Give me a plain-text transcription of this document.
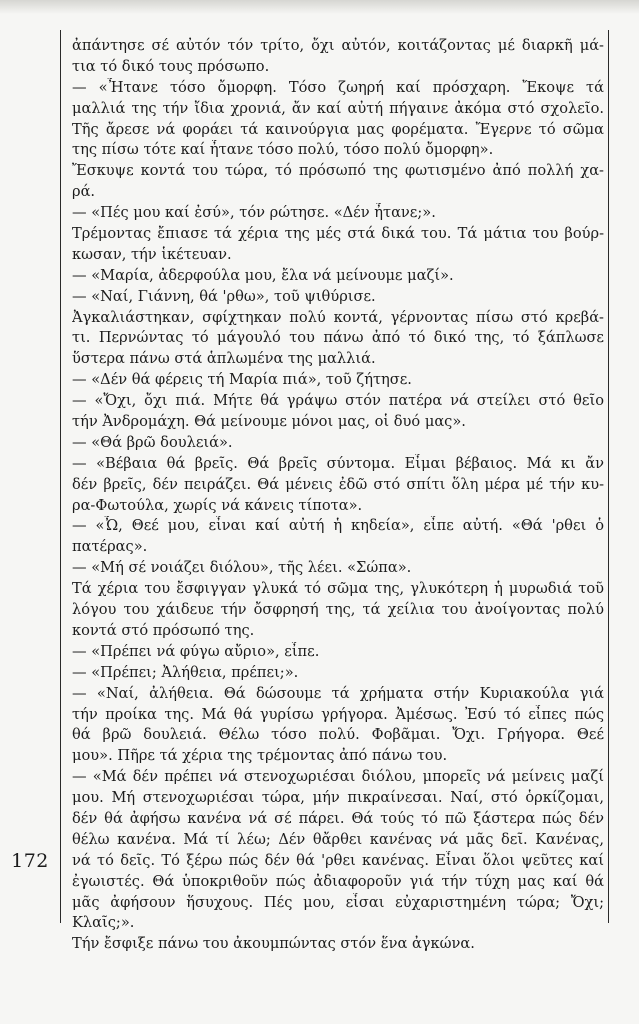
172
ἀπάντησε σέ αὐτόν τόν τρίτο, ὄχι αὐτόν, κοιτάζοντας μέ διαρκῆ μά-
τια τό δικό τους πρόσωπο.
— «Ἦτανε τόσο ὄμορφη. Τόσο ζωηρή καί πρόσχαρη. Ἔκοψε τά
μαλλιά της τήν ἴδια χρονιά, ἄν καί αὐτή πήγαινε ἀκόμα στό σχολεῖο.
Τῆς ἄρεσε νά φοράει τά καινούργια μας φορέματα. Ἔγερνε τό σῶμα
της πίσω τότε καί ἦτανε τόσο πολύ, τόσο πολύ ὄμορφη».
Ἔσκυψε κοντά του τώρα, τό πρόσωπό της φωτισμένο ἀπό πολλή χα-
ρά.
— «Πές μου καί ἐσύ», τόν ρώτησε. «Δέν ἦτανε;».
Τρέμοντας ἔπιασε τά χέρια της μές στά δικά του. Τά μάτια του βούρ-
κωσαν, τήν ἱκέτευαν.
— «Μαρία, ἀδερφούλα μου, ἔλα νά μείνουμε μαζί».
— «Ναί, Γιάννη, θά 'ρθω», τοῦ ψιθύρισε.
Ἀγκαλιάστηκαν, σφίχτηκαν πολύ κοντά, γέρνοντας πίσω στό κρεβά-
τι. Περνώντας τό μάγουλό του πάνω ἀπό τό δικό της, τό ξάπλωσε
ὕστερα πάνω στά ἁπλωμένα της μαλλιά.
— «Δέν θά φέρεις τή Μαρία πιά», τοῦ ζήτησε.
— «Ὄχι, ὄχι πιά. Μήτε θά γράψω στόν πατέρα νά στείλει στό θεῖο
τήν Ἀνδρομάχη. Θά μείνουμε μόνοι μας, οἱ δυό μας».
— «Θά βρῶ δουλειά».
— «Βέβαια θά βρεῖς. Θά βρεῖς σύντομα. Εἶμαι βέβαιος. Μά κι ἄν
δέν βρεῖς, δέν πειράζει. Θά μένεις ἐδῶ στό σπίτι ὅλη μέρα μέ τήν κυ-
ρα-Φωτούλα, χωρίς νά κάνεις τίποτα».
— «Ὦ, Θεέ μου, εἶναι καί αὐτή ἡ κηδεία», εἶπε αὐτή. «Θά 'ρθει ὁ
πατέρας».
— «Μή σέ νοιάζει διόλου», τῆς λέει. «Σώπα».
Τά χέρια του ἔσφιγγαν γλυκά τό σῶμα της, γλυκότερη ἡ μυρωδιά τοῦ
λόγου του χάιδευε τήν ὄσφρησή της, τά χείλια του ἀνοίγοντας πολύ
κοντά στό πρόσωπό της.
— «Πρέπει νά φύγω αὔριο», εἶπε.
— «Πρέπει; Ἀλήθεια, πρέπει;».
— «Ναί, ἀλήθεια. Θά δώσουμε τά χρήματα στήν Κυριακούλα γιά
τήν προίκα της. Μά θά γυρίσω γρήγορα. Ἀμέσως. Ἐσύ τό εἶπες πώς
θά βρῶ δουλειά. Θέλω τόσο πολύ. Φοβᾶμαι. Ὄχι. Γρήγορα. Θεέ
μου». Πῆρε τά χέρια της τρέμοντας ἀπό πάνω του.
— «Μά δέν πρέπει νά στενοχωριέσαι διόλου, μπορεῖς νά μείνεις μαζί
μου. Μή στενοχωριέσαι τώρα, μήν πικραίνεσαι. Ναί, στό ὁρκίζομαι,
δέν θά ἀφήσω κανένα νά σέ πάρει. Θά τούς τό πῶ ξάστερα πώς δέν
θέλω κανένα. Μά τί λέω; Δέν θἄρθει κανένας νά μᾶς δεῖ. Κανένας,
νά τό δεῖς. Τό ξέρω πώς δέν θά 'ρθει κανένας. Εἶναι ὅλοι ψεῦτες καί
ἐγωιστές. Θά ὑποκριθοῦν πώς ἀδιαφοροῦν γιά τήν τύχη μας καί θά
μᾶς ἀφήσουν ἥσυχους. Πές μου, εἶσαι εὐχαριστημένη τώρα; Ὄχι;
Κλαῖς;».
Τήν ἔσφιξε πάνω του ἀκουμπώντας στόν ἕνα ἀγκώνα.
